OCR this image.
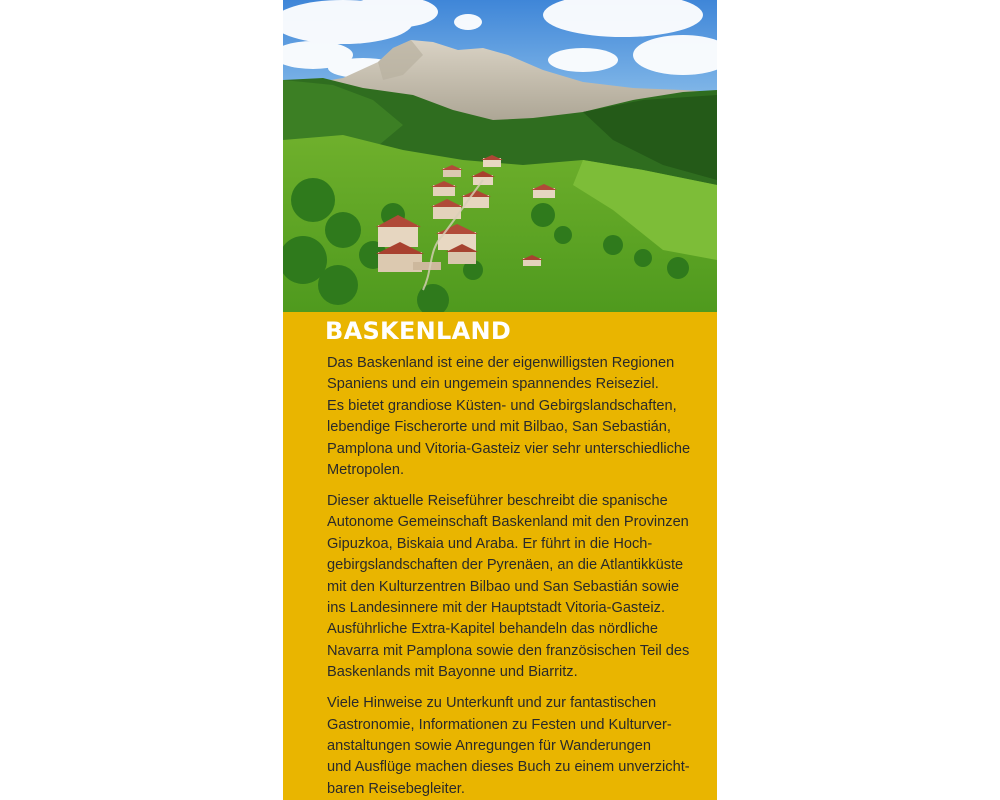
BASKENLAND

Das Baskenland ist eine der eigenwilligsten Regionen
Spaniens und ein ungemein spannendes Reiseziel.
Es bietet grandiose Küsten- und Gebirgslandschaften,
lebendige Fischerorte und mit Bilbao, San Sebastián,
Pamplona und Vitoria-Gasteiz vier sehr unterschiedliche
Metropolen.

Dieser aktuelle Reiseführer beschreibt die spanische
Autonome Gemeinschaft Baskenland mit den Provinzen
Gipuzkoa, Biskaia und Araba. Er führt in die Hoch-
gebirgslandschaften der Pyrenäen, an die Atlantikküste
mit den Kulturzentren Bilbao und San Sebastián sowie
ins Landesinnere mit der Hauptstadt Vitoria-Gasteiz.
Ausführliche Extra-Kapitel behandeln das nördliche
Navarra mit Pamplona sowie den französischen Teil des
Baskenlands mit Bayonne und Biarritz.

Viele Hinweise zu Unterkunft und zur fantastischen
Gastronomie, Informationen zu Festen und Kulturver-
anstaltungen sowie Anregungen für Wanderungen
und Ausflüge machen dieses Buch zu einem unverzicht-
baren Reisebegleiter.
